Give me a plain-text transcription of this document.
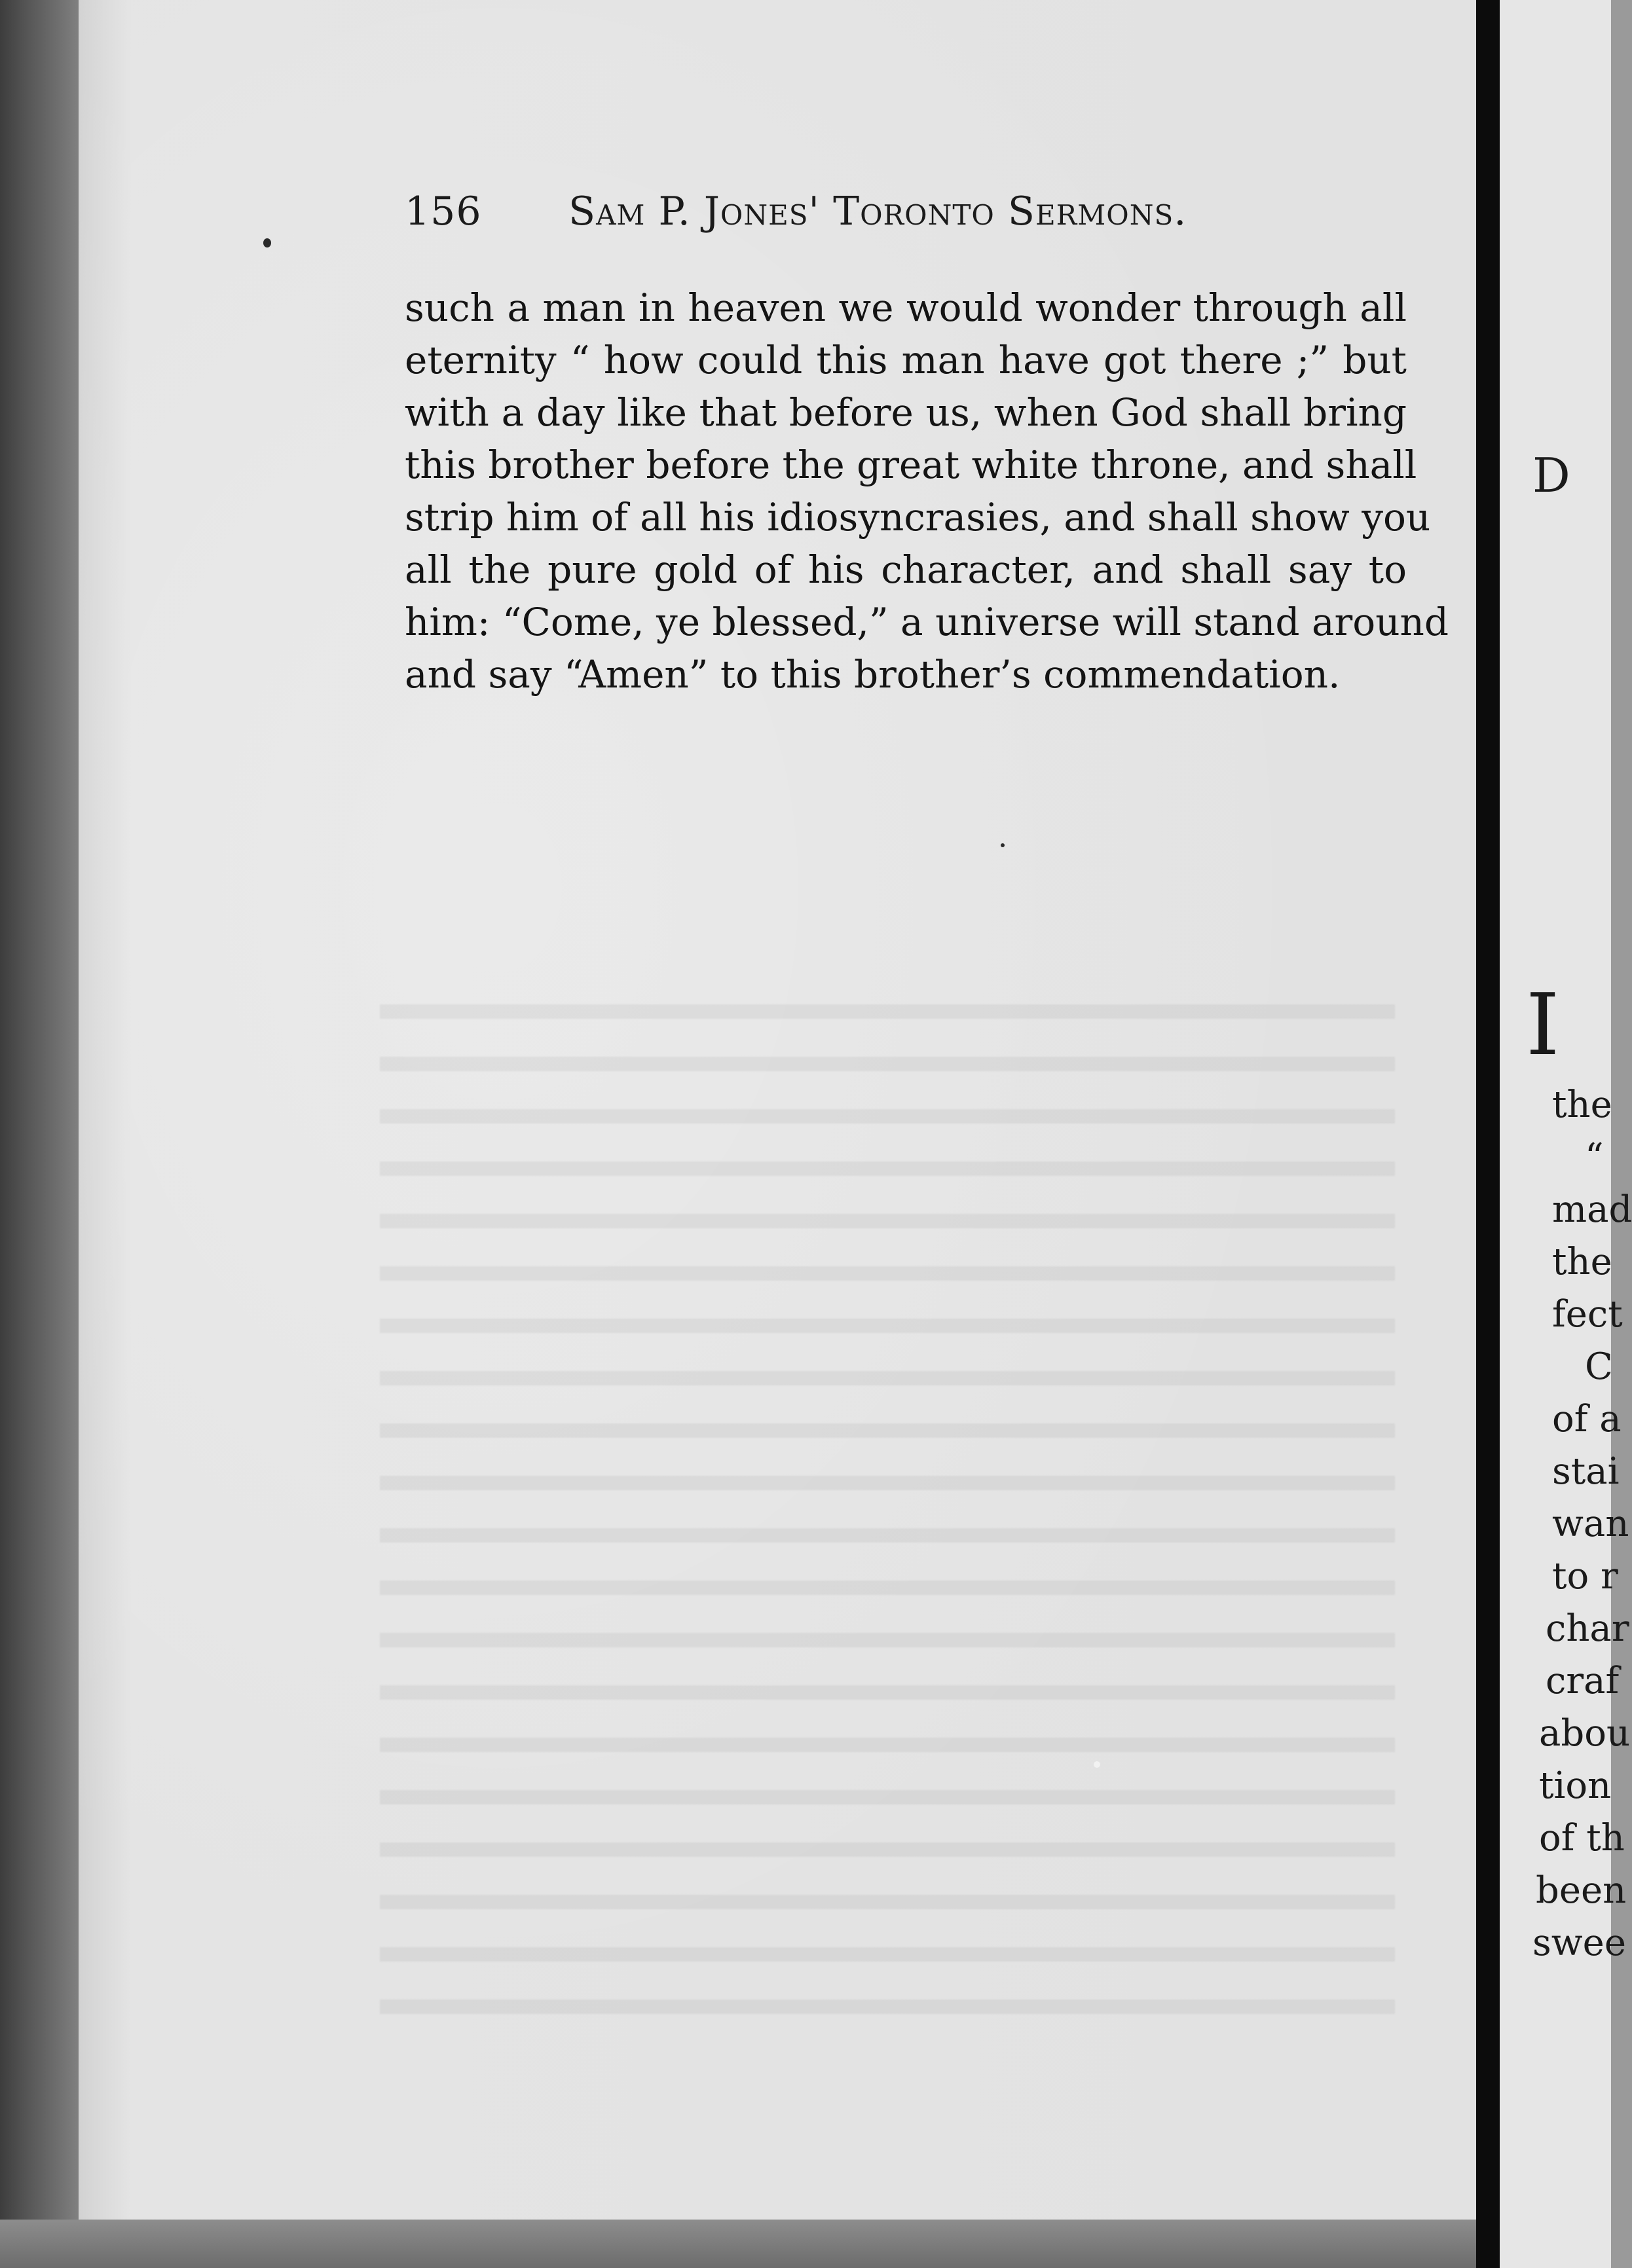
156 Sam P. Jones' Toronto Sermons.
such a man in heaven we would wonder through all
eternity “ how could this man have got there ;” but
with a day like that before us, when God shall bring
this brother before the great white throne, and shall
strip him of all his idiosyncrasies, and shall show you
all the pure gold of his character, and shall say to
him: “Come, ye blessed,” a universe will stand around
and say “Amen” to this brother’s commendation.
D
I
the
“
mad
the
fect
C
of a
stai
wan
to r
char
craf
abou
tion
of th
been
swee
